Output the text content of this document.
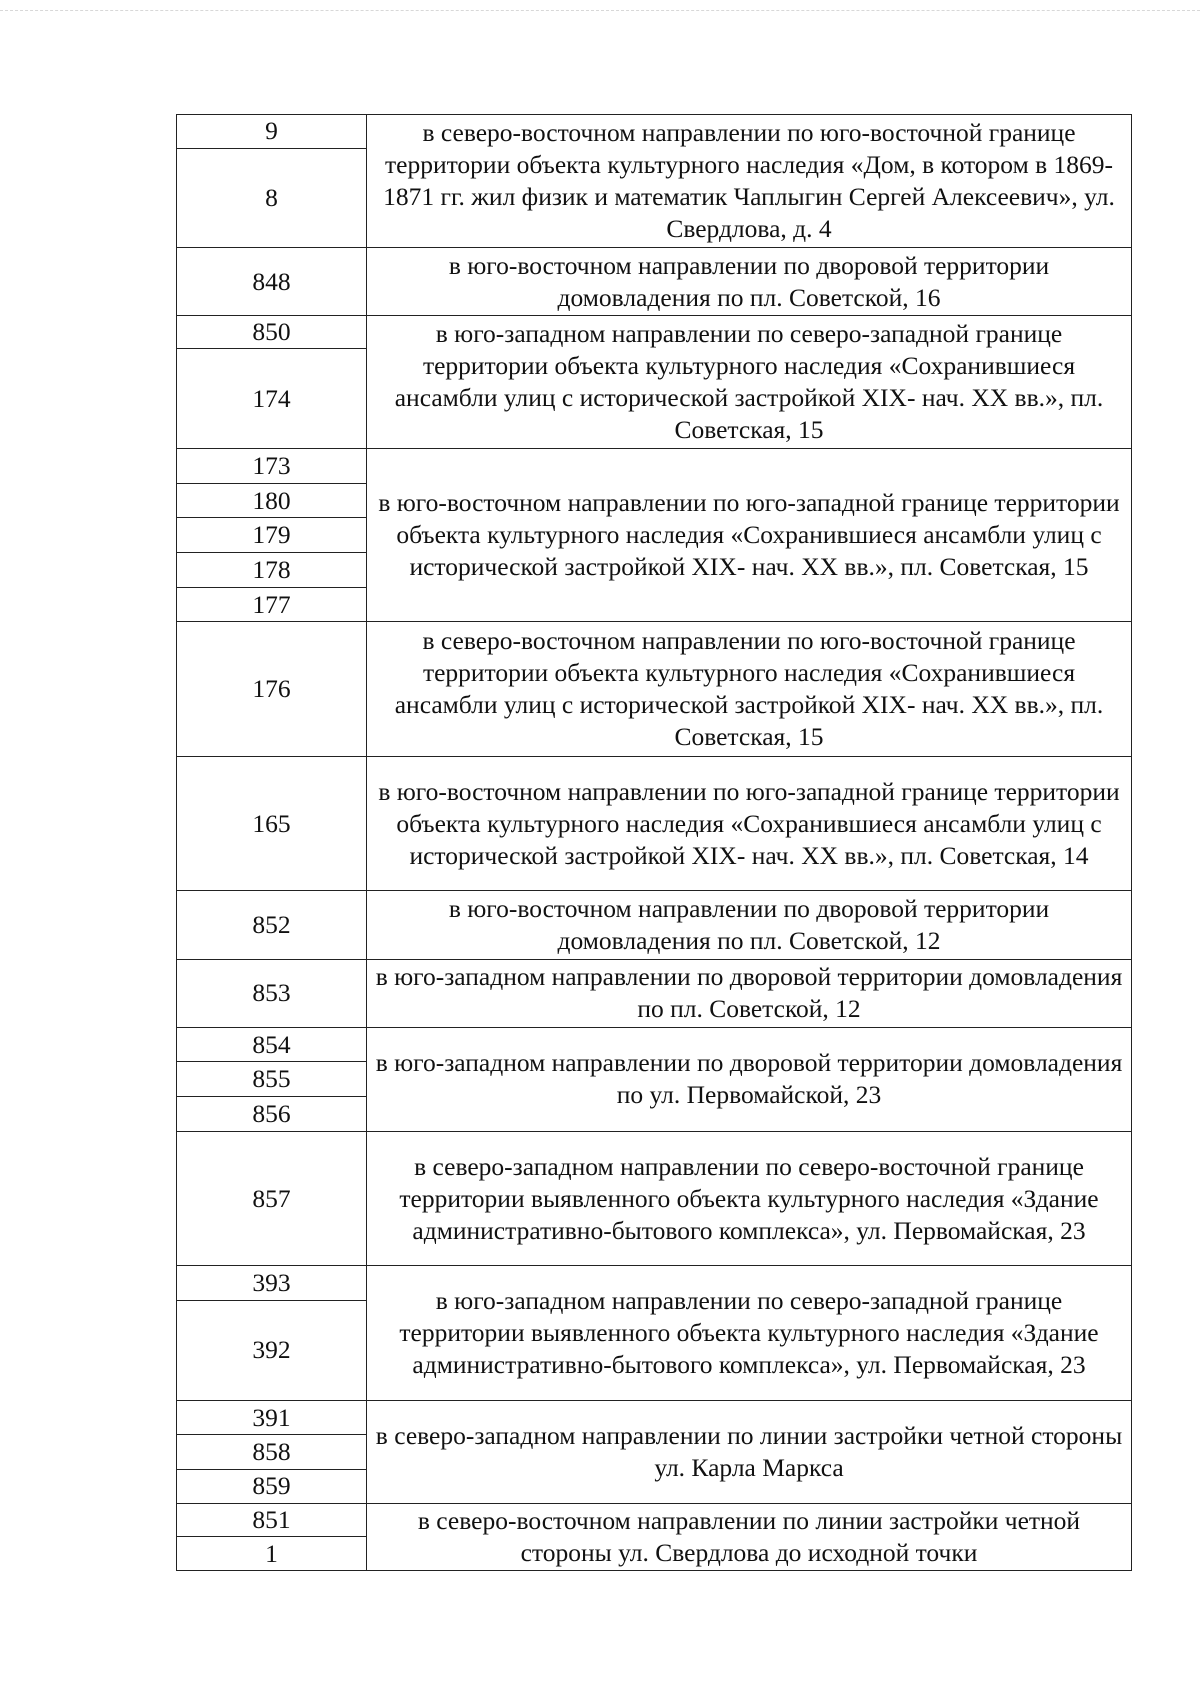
9	в северо-восточном направлении по юго-восточной границе территории объекта культурного наследия «Дом, в котором в 1869-1871 гг. жил физик и математик Чаплыгин Сергей Алексеевич», ул. Свердлова, д. 4
8	
848	в юго-восточном направлении по дворовой территории домовладения по пл. Советской, 16
850	в юго-западном направлении по северо-западной границе территории объекта культурного наследия «Сохранившиеся ансамбли улиц с исторической застройкой XIX- нач. XX вв.», пл. Советская, 15
174	
173	в юго-восточном направлении по юго-западной границе территории объекта культурного наследия «Сохранившиеся ансамбли улиц с исторической застройкой XIX- нач. XX вв.», пл. Советская, 15
180	
179	
178	
177	
176	в северо-восточном направлении по юго-восточной границе территории объекта культурного наследия «Сохранившиеся ансамбли улиц с исторической застройкой XIX- нач. XX вв.», пл. Советская, 15
165	в юго-восточном направлении по юго-западной границе территории объекта культурного наследия «Сохранившиеся ансамбли улиц с исторической застройкой XIX- нач. XX вв.», пл. Советская, 14
852	в юго-восточном направлении по дворовой территории домовладения по пл. Советской, 12
853	в юго-западном направлении по дворовой территории домовладения по пл. Советской, 12
854	в юго-западном направлении по дворовой территории домовладения по ул. Первомайской, 23
855	
856	
857	в северо-западном направлении по северо-восточной границе территории выявленного объекта культурного наследия «Здание административно-бытового комплекса», ул. Первомайская, 23
393	в юго-западном направлении по северо-западной границе территории выявленного объекта культурного наследия «Здание административно-бытового комплекса», ул. Первомайская, 23
392	
391	в северо-западном направлении по линии застройки четной стороны ул. Карла Маркса
858	
859	
851	в северо-восточном направлении по линии застройки четной стороны ул. Свердлова до исходной точки
1	
